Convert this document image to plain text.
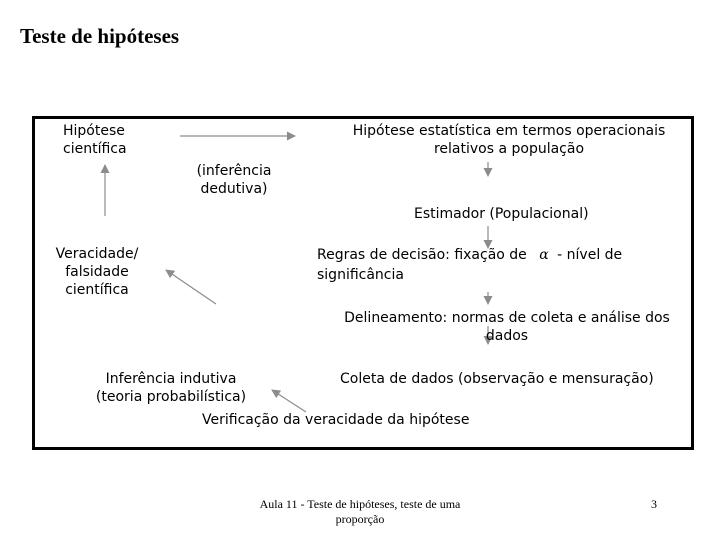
Teste de hipóteses
Hipótese
científica
Hipótese estatística em termos operacionais
relativos a população
(inferência
dedutiva)
Estimador (Populacional)
Regras de decisão: fixação de α - nível de
significância
Veracidade/
falsidade
científica
Delineamento: normas de coleta e análise dos
dados
Coleta de dados (observação e mensuração)
Inferência indutiva
(teoria probabilística)
Verificação da veracidade da hipótese
Aula 11 - Teste de hipóteses, teste de uma proporção
3
